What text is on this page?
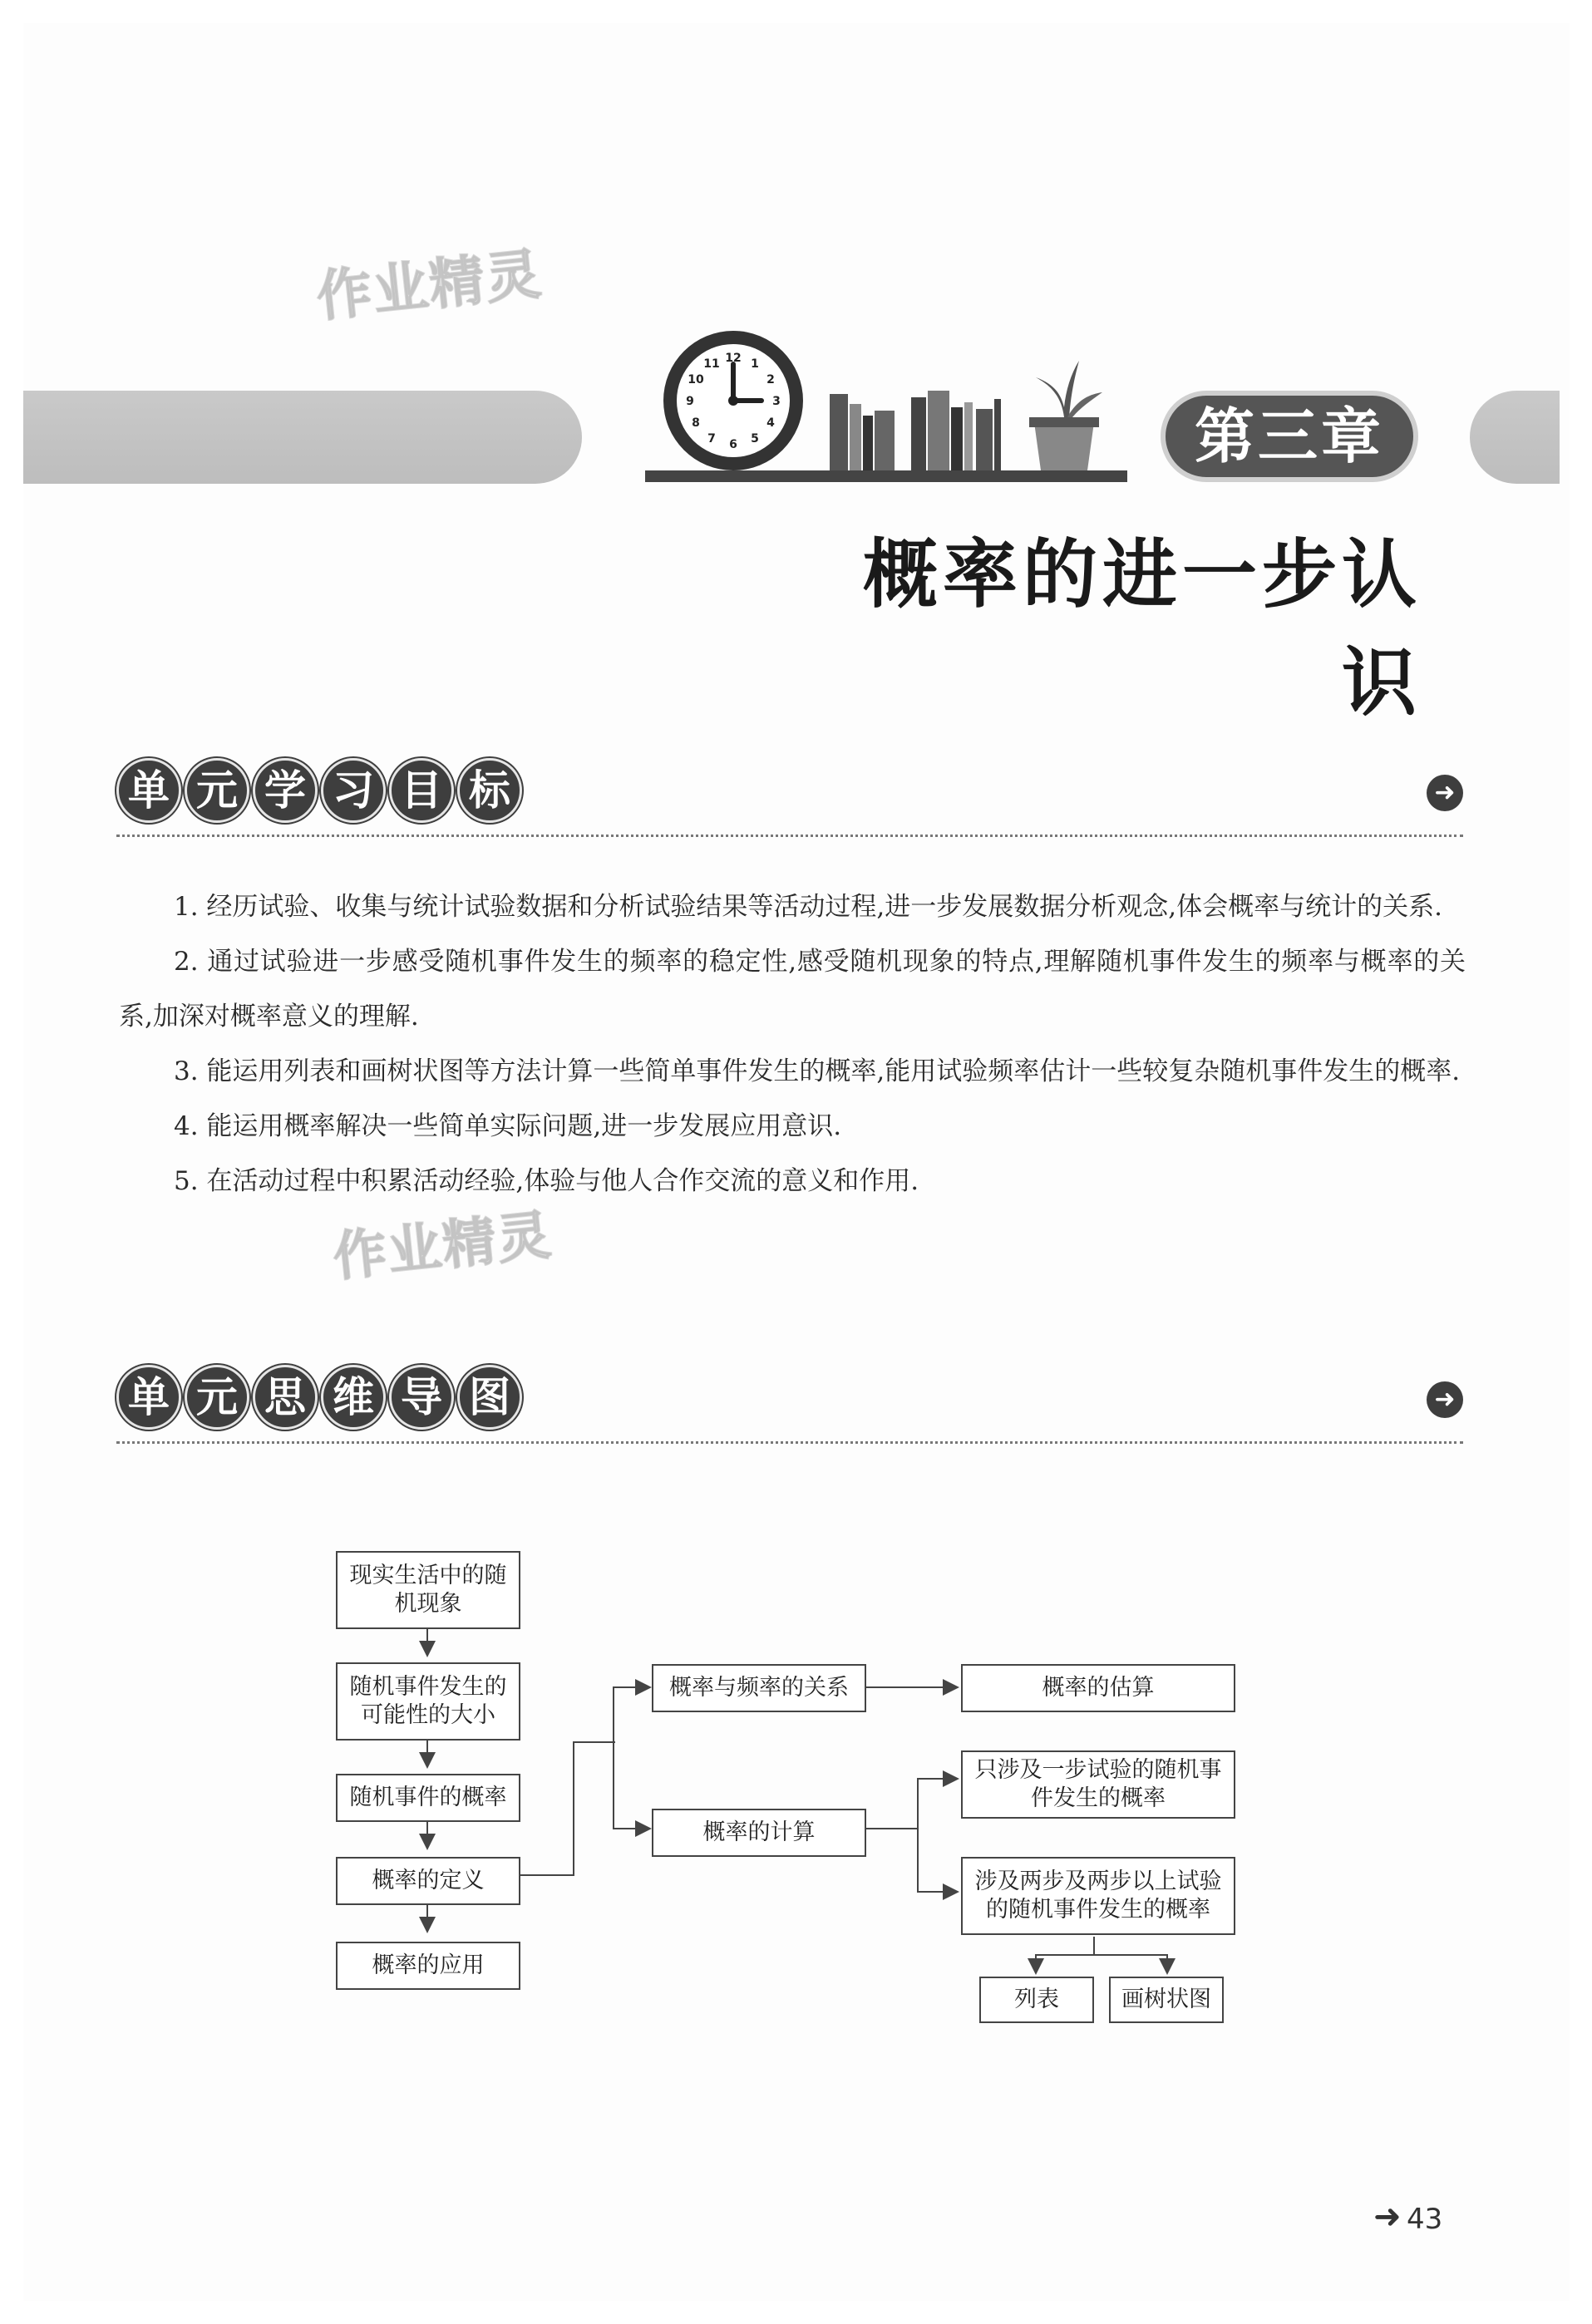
作业精灵
作业精灵
12 1
2
3
4
5
6
7
8
9
10
11
第三章
概率的进一步认识
单 元 学 习 目 标	➜

1. 经历试验、收集与统计试验数据和分析试验结果等活动过程,进一步发展数据分析观念,体会概率与统计的关系.

2. 通过试验进一步感受随机事件发生的频率的稳定性,感受随机现象的特点,理解随机事件发生的频率与概率的关系,加深对概率意义的理解.

3. 能运用列表和画树状图等方法计算一些简单事件发生的概率,能用试验频率估计一些较复杂随机事件发生的概率.

4. 能运用概率解决一些简单实际问题,进一步发展应用意识.

5. 在活动过程中积累活动经验,体验与他人合作交流的意义和作用.

单 元 思 维 导 图	➜
现实生活中的随机现象
随机事件发生的可能性的大小
随机事件的概率
概率的定义
概率的应用
概率与频率的关系	概率的估算
概率的计算
只涉及一步试验的随机事件发生的概率
涉及两步及两步以上试验的随机事件发生的概率
列表	画树状图
➜ 43
